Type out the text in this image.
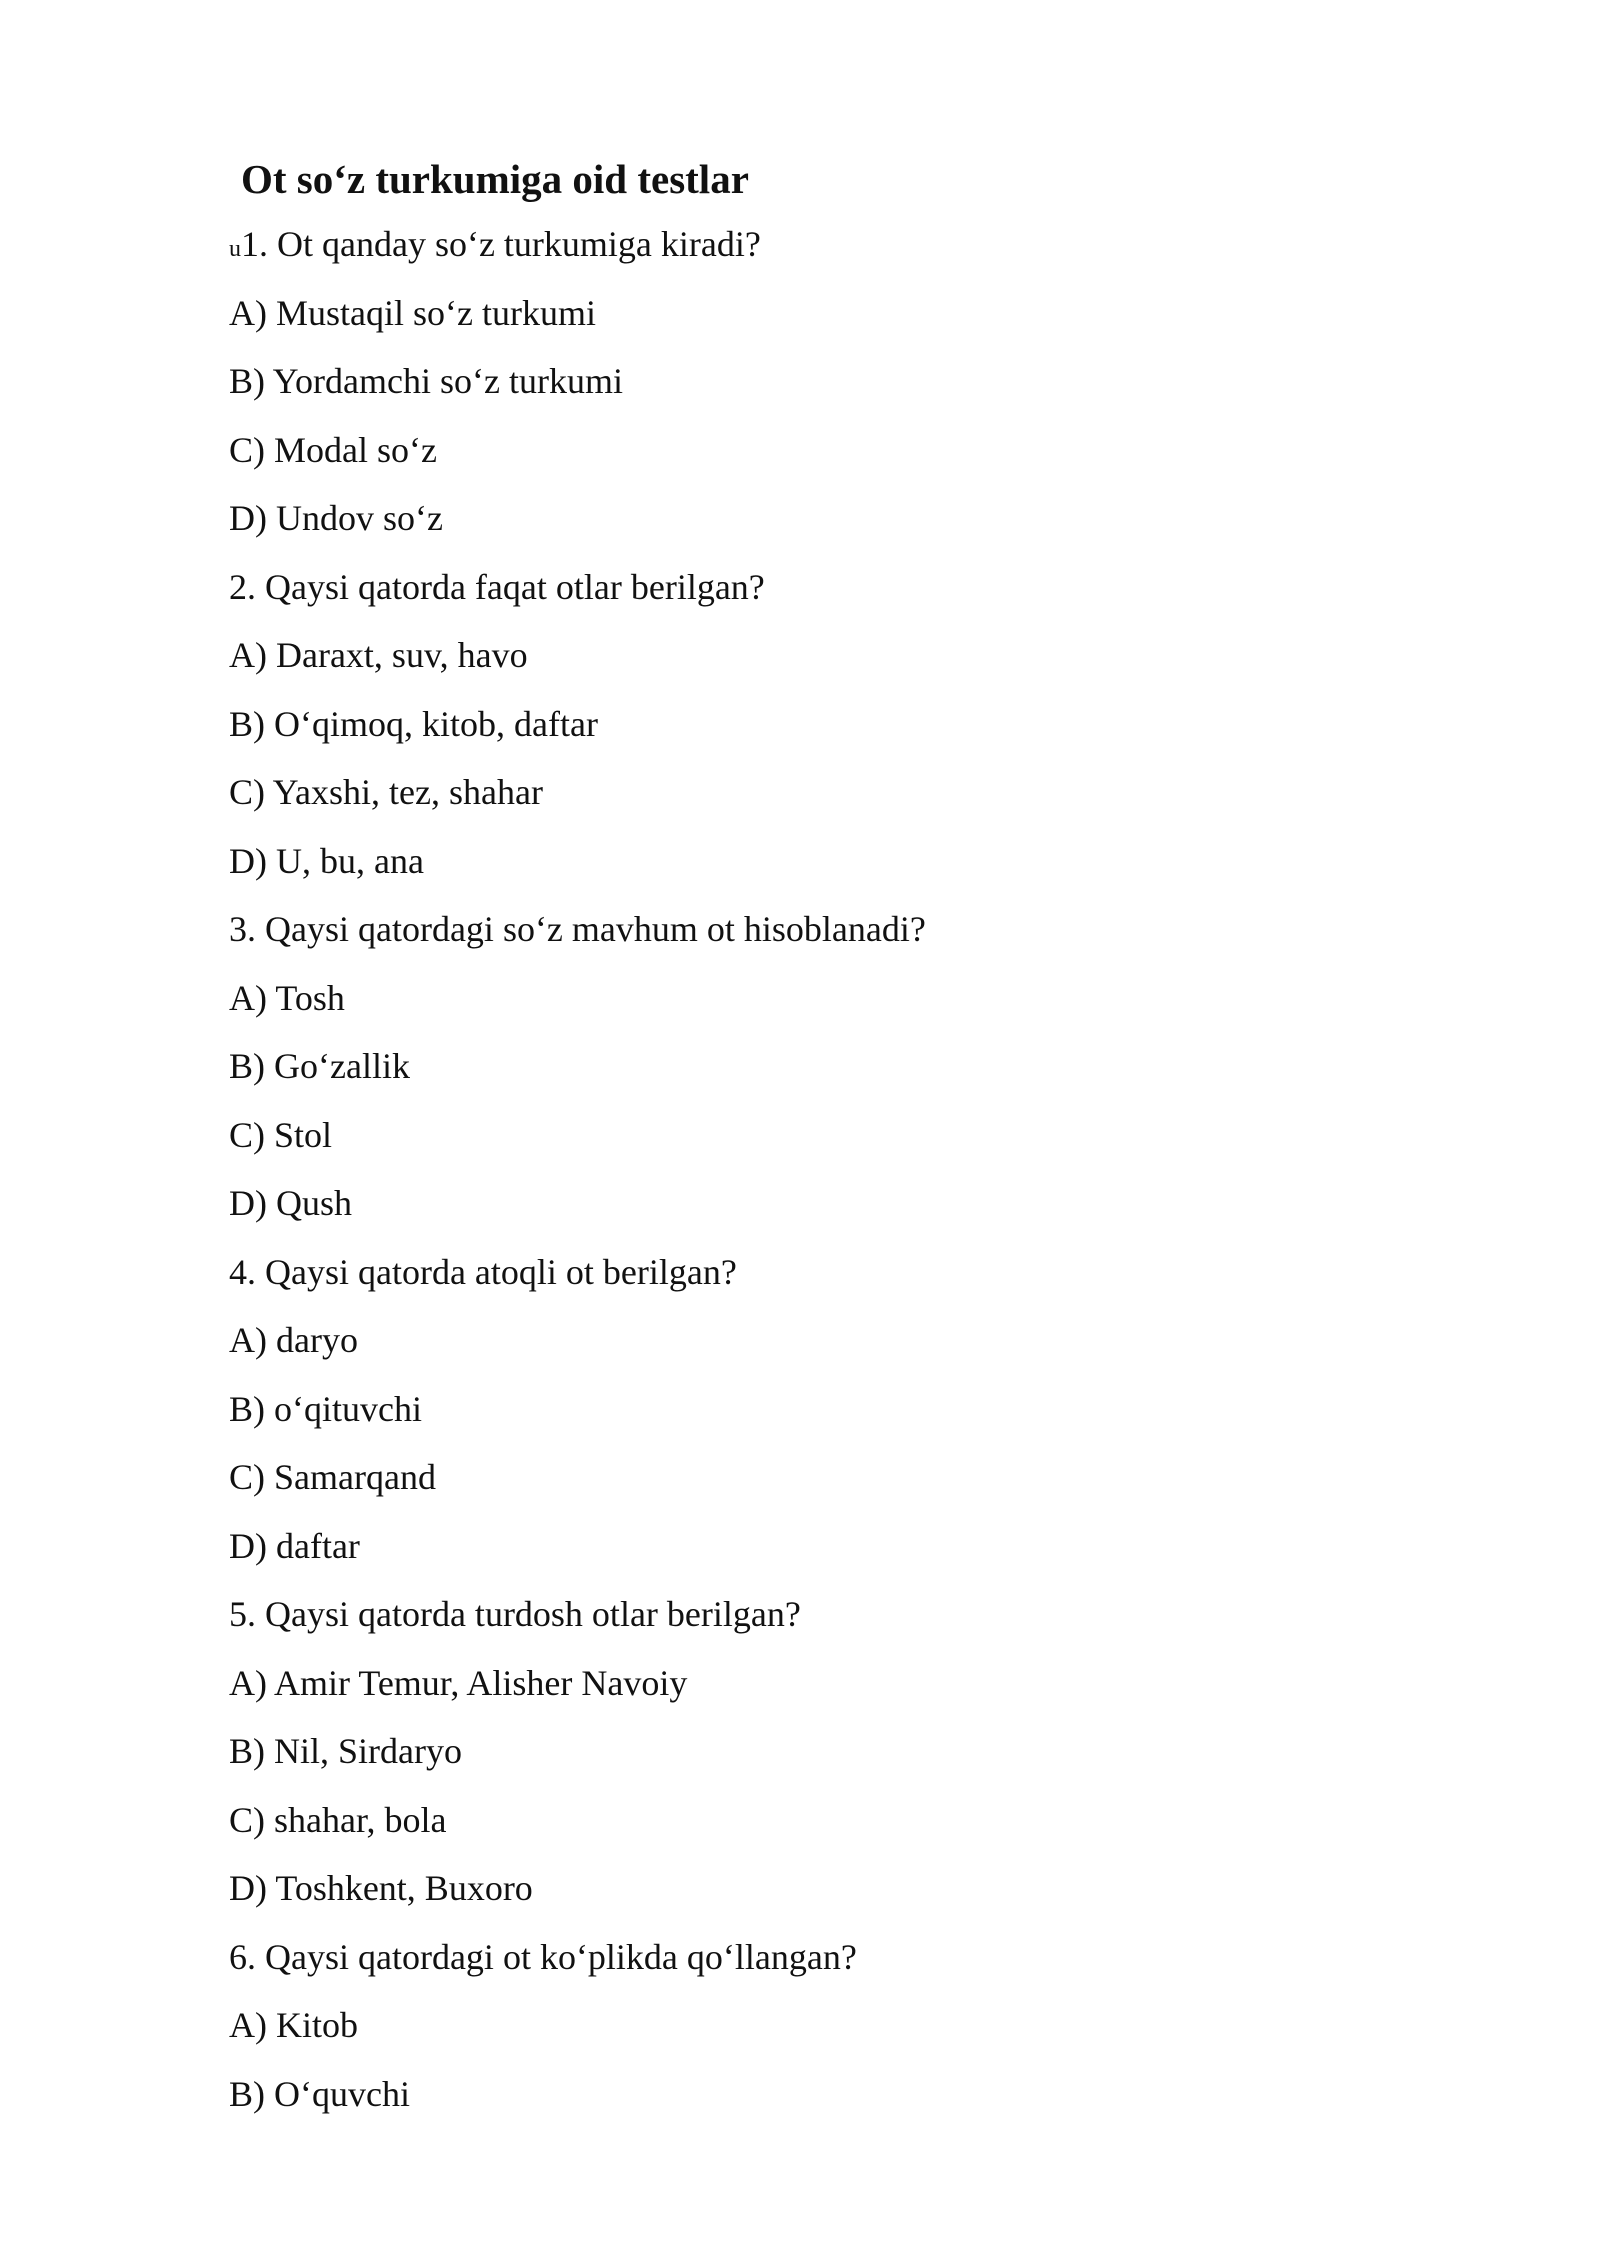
Ot so‘z turkumiga oid testlar
u1. Ot qanday so‘z turkumiga kiradi?
A) Mustaqil so‘z turkumi
B) Yordamchi so‘z turkumi
C) Modal so‘z
D) Undov so‘z
2. Qaysi qatorda faqat otlar berilgan?
A) Daraxt, suv, havo
B) O‘qimoq, kitob, daftar
C) Yaxshi, tez, shahar
D) U, bu, ana
3. Qaysi qatordagi so‘z mavhum ot hisoblanadi?
A) Tosh
B) Go‘zallik
C) Stol
D) Qush
4. Qaysi qatorda atoqli ot berilgan?
A) daryo
B) o‘qituvchi
C) Samarqand
D) daftar
5. Qaysi qatorda turdosh otlar berilgan?
A) Amir Temur, Alisher Navoiy
B) Nil, Sirdaryo
C) shahar, bola
D) Toshkent, Buxoro
6. Qaysi qatordagi ot ko‘plikda qo‘llangan?
A) Kitob
B) O‘quvchi
